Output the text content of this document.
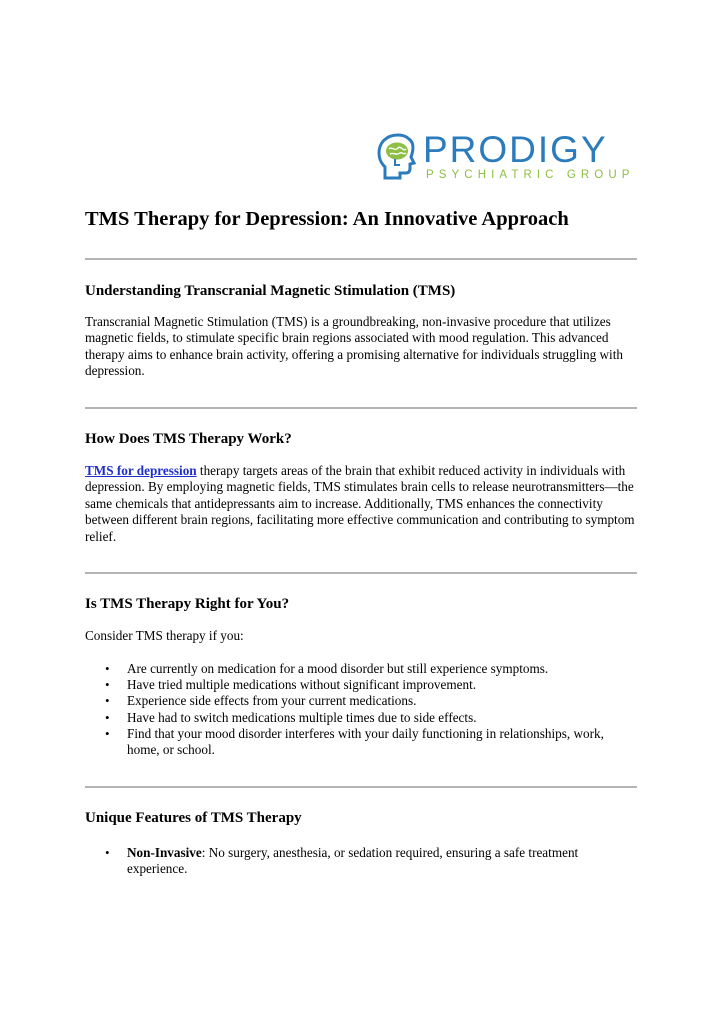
PRODIGY
PSYCHIATRIC GROUP
TMS Therapy for Depression: An Innovative Approach
Understanding Transcranial Magnetic Stimulation (TMS)

Transcranial Magnetic Stimulation (TMS) is a groundbreaking, non-invasive procedure that utilizes magnetic fields, to stimulate specific brain regions associated with mood regulation. This advanced therapy aims to enhance brain activity, offering a promising alternative for individuals struggling with depression.

How Does TMS Therapy Work?

TMS for depression therapy targets areas of the brain that exhibit reduced activity in individuals with depression. By employing magnetic fields, TMS stimulates brain cells to release neurotransmitters—the same chemicals that antidepressants aim to increase. Additionally, TMS enhances the connectivity between different brain regions, facilitating more effective communication and contributing to symptom relief.

Is TMS Therapy Right for You?

Consider TMS therapy if you:

• Are currently on medication for a mood disorder but still experience symptoms.
• Have tried multiple medications without significant improvement.
• Experience side effects from your current medications.
• Have had to switch medications multiple times due to side effects.
• Find that your mood disorder interferes with your daily functioning in relationships, work, home, or school.
Unique Features of TMS Therapy
• Non-Invasive: No surgery, anesthesia, or sedation required, ensuring a safe treatment experience.
